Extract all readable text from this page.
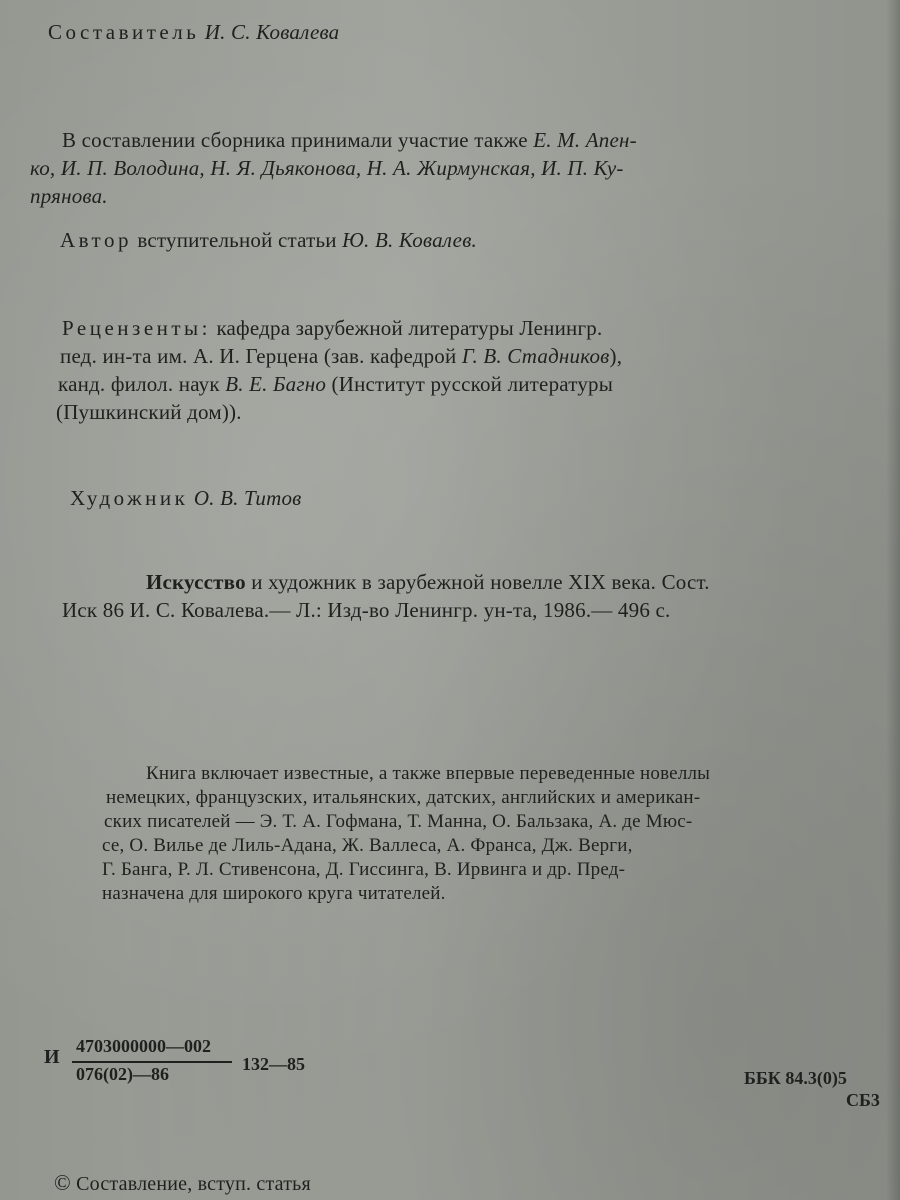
Составитель И. С. Ковалева
В составлении сборника принимали участие также Е. М. Апен-
ко, И. П. Володина, Н. Я. Дьяконова, Н. А. Жирмунская, И. П. Ку-
прянова.
Автор вступительной статьи Ю. В. Ковалев.
Рецензенты: кафедра зарубежной литературы Ленингр.
пед. ин-та им. А. И. Герцена (зав. кафедрой Г. В. Стадников),
канд. филол. наук В. Е. Багно (Институт русской литературы
(Пушкинский дом)).
Художник О. В. Титов
Искусство и художник в зарубежной новелле XIX века. Сост.
Иск 86 И. С. Ковалева.— Л.: Изд-во Ленингр. ун-та, 1986.— 496 с.
Книга включает известные, а также впервые переведенные новеллы
немецких, французских, итальянских, датских, английских и американ-
ских писателей — Э. Т. А. Гофмана, Т. Манна, О. Бальзака, А. де Мюс-
се, О. Вилье де Лиль-Адана, Ж. Валлеса, А. Франса, Дж. Верги,
Г. Банга, Р. Л. Стивенсона, Д. Гиссинга, В. Ирвинга и др. Пред-
назначена для широкого круга читателей.
И 4703000000—002
076(02)—86	132—85
ББК 84.3(0)5
СБ3
© Составление, вступ. статья
